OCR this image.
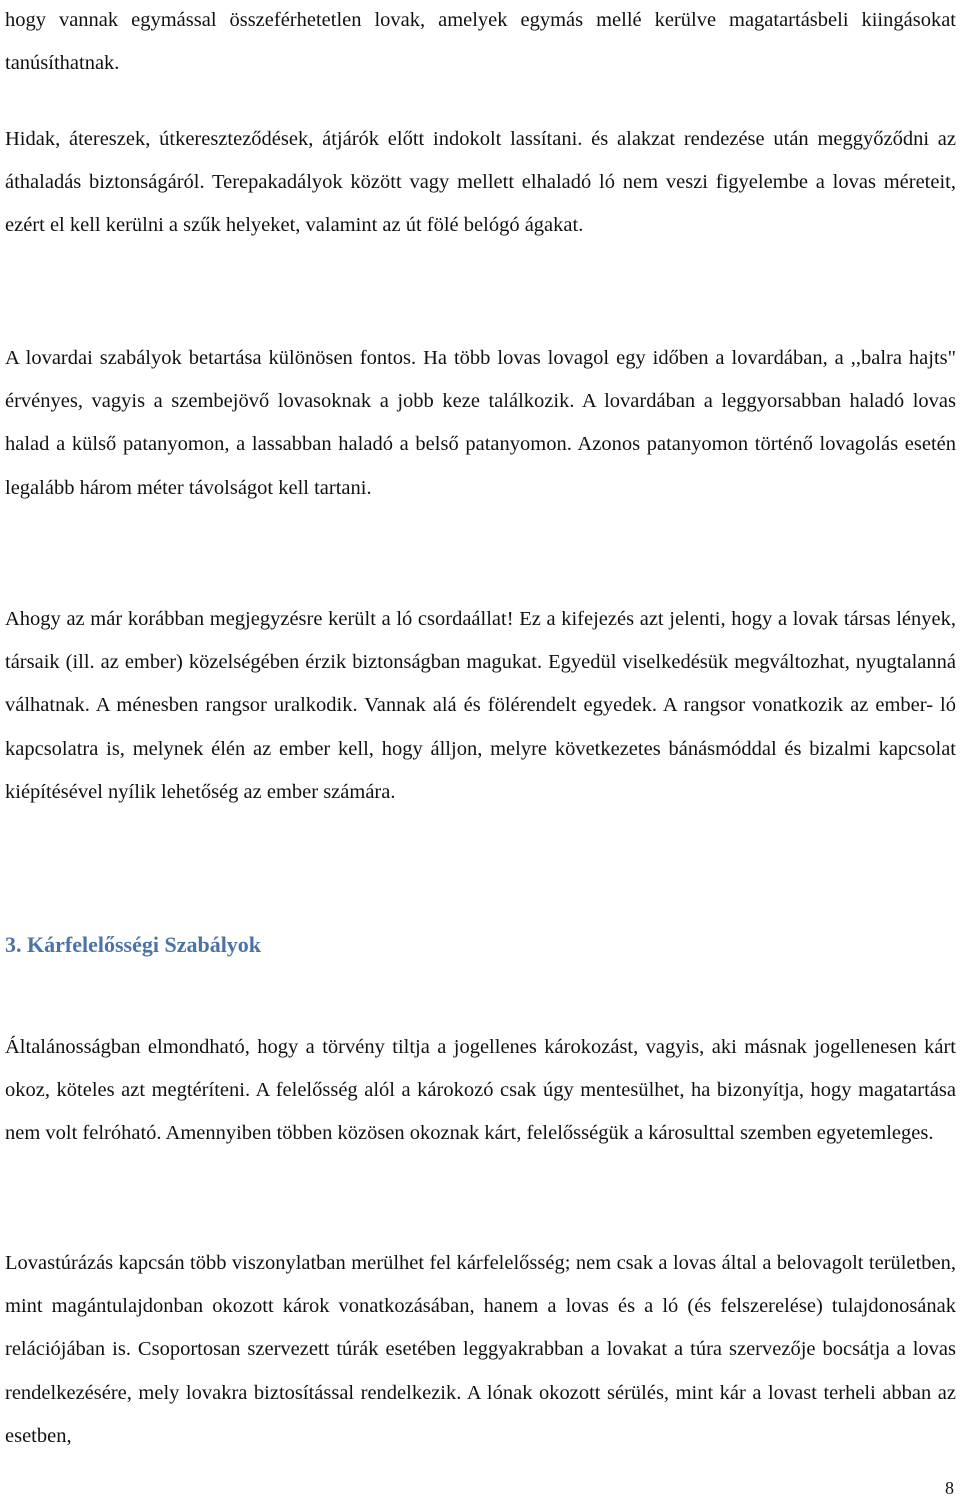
hogy vannak egymással összeférhetetlen lovak, amelyek egymás mellé kerülve magatartásbeli kiingásokat tanúsíthatnak.

Hidak, átereszek, útkereszteződések, átjárók előtt indokolt lassítani. és alakzat rendezése után meggyőződni az áthaladás biztonságáról. Terepakadályok között vagy mellett elhaladó ló nem veszi figyelembe a lovas méreteit, ezért el kell kerülni a szűk helyeket, valamint az út fölé belógó ágakat.

A lovardai szabályok betartása különösen fontos. Ha több lovas lovagol egy időben a lovardában, a ,,balra hajts" érvényes, vagyis a szembejövő lovasoknak a jobb keze találkozik. A lovardában a leggyorsabban haladó lovas halad a külső patanyomon, a lassabban haladó a belső patanyomon. Azonos patanyomon történő lovagolás esetén legalább három méter távolságot kell tartani.

Ahogy az már korábban megjegyzésre került a ló csordaállat! Ez a kifejezés azt jelenti, hogy a lovak társas lények, társaik (ill. az ember) közelségében érzik biztonságban magukat. Egyedül viselkedésük megváltozhat, nyugtalanná válhatnak. A ménesben rangsor uralkodik. Vannak alá és fölérendelt egyedek. A rangsor vonatkozik az ember- ló kapcsolatra is, melynek élén az ember kell, hogy álljon, melyre következetes bánásmóddal és bizalmi kapcsolat kiépítésével nyílik lehetőség az ember számára.

3. Kárfelelősségi Szabályok

Általánosságban elmondható, hogy a törvény tiltja a jogellenes károkozást, vagyis, aki másnak jogellenesen kárt okoz, köteles azt megtéríteni. A felelősség alól a károkozó csak úgy mentesülhet, ha bizonyítja, hogy magatartása nem volt felróható. Amennyiben többen közösen okoznak kárt, felelősségük a károsulttal szemben egyetemleges.

Lovastúrázás kapcsán több viszonylatban merülhet fel kárfelelősség; nem csak a lovas által a belovagolt területben, mint magántulajdonban okozott károk vonatkozásában, hanem a lovas és a ló (és felszerelése) tulajdonosának relációjában is. Csoportosan szervezett túrák esetében leggyakrabban a lovakat a túra szervezője bocsátja a lovas rendelkezésére, mely lovakra biztosítással rendelkezik. A lónak okozott sérülés, mint kár a lovast terheli abban az esetben,

8
